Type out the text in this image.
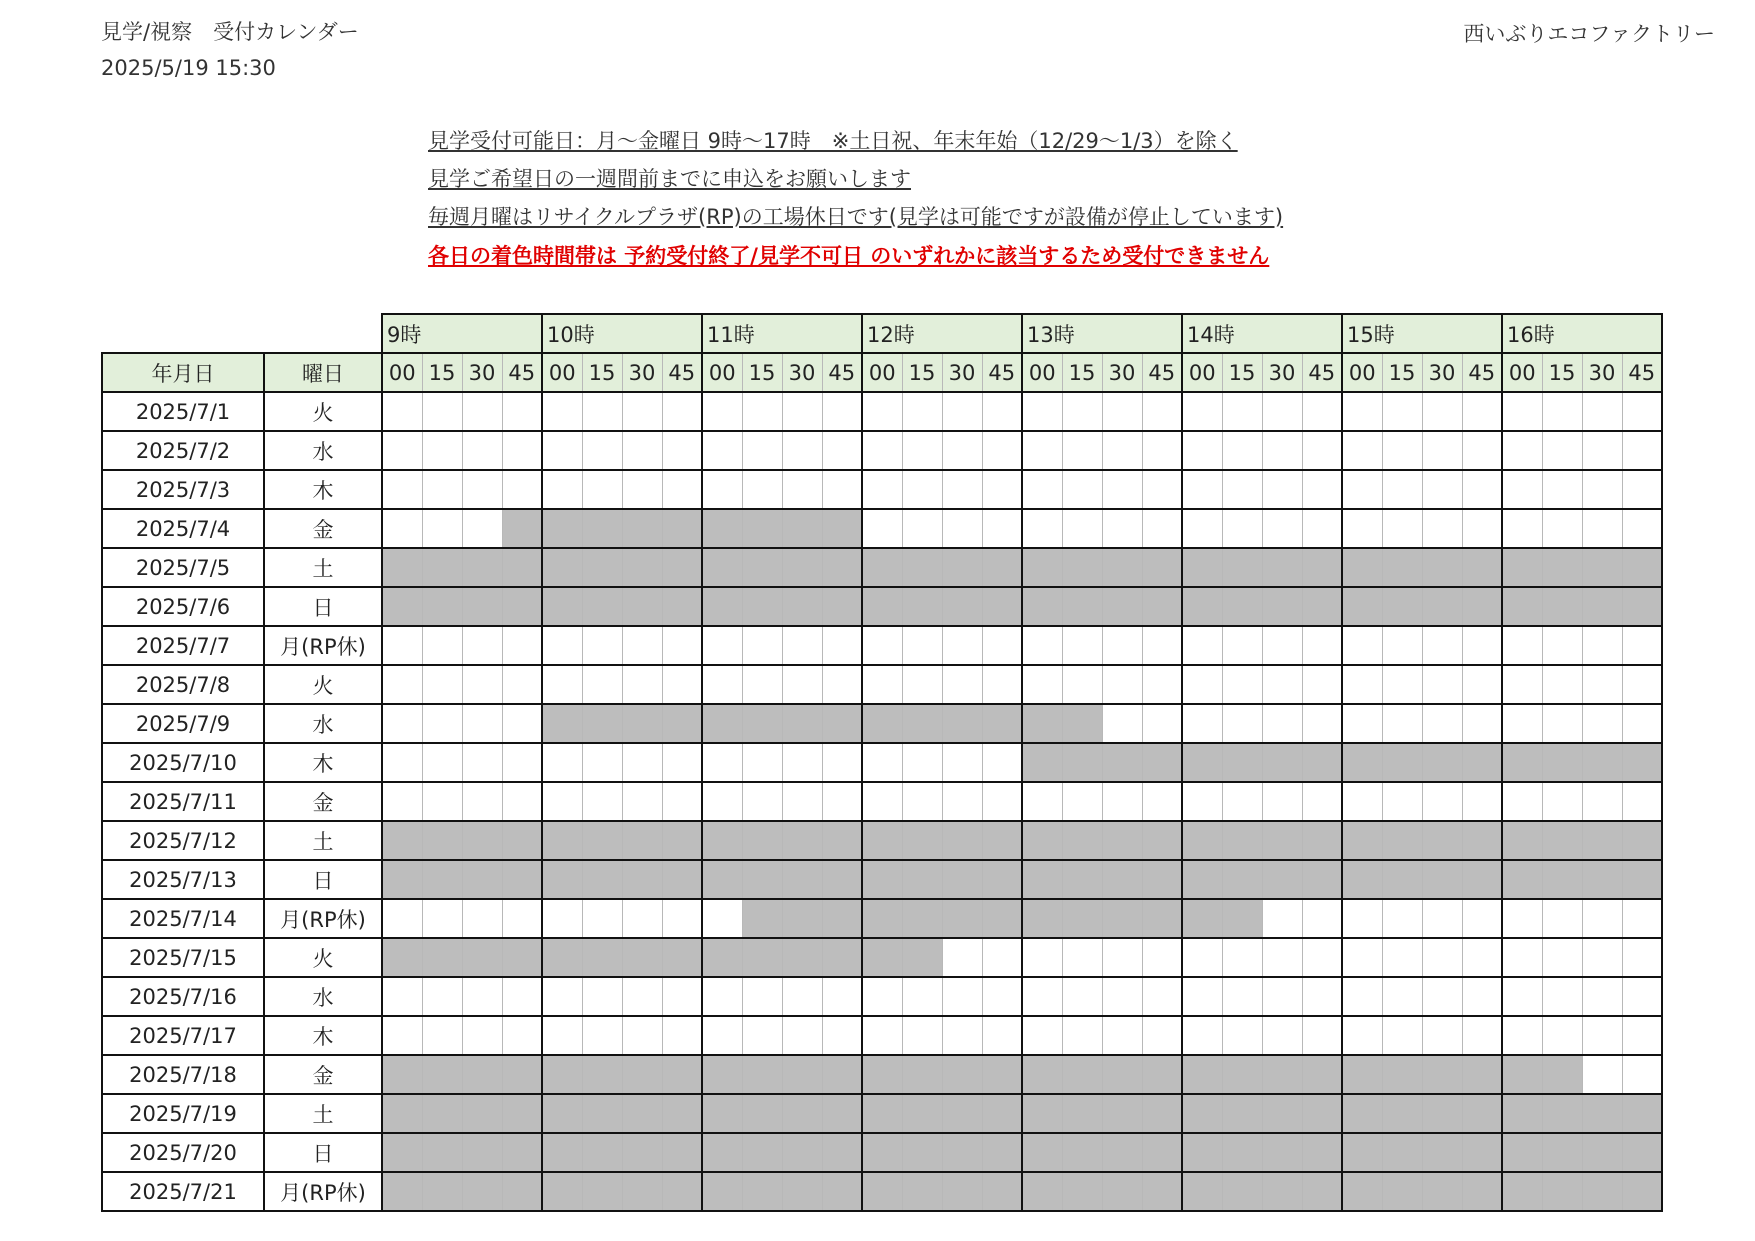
見学/視察　受付カレンダー
2025/5/19 15:30
西いぶりエコファクトリー
見学受付可能日：月～金曜日 9時～17時　※土日祝、年末年始（12/29～1/3）を除く
見学ご希望日の一週間前までに申込をお願いします
毎週月曜はリサイクルプラザ(RP)の工場休日です(見学は可能ですが設備が停止しています)
各日の着色時間帯は 予約受付終了/見学不可日 のいずれかに該当するため受付できません
		9時				10時				11時				12時				13時				14時				15時				16時			
年月日	曜日	00	15	30	45	00	15	30	45	00	15	30	45	00	15	30	45	00	15	30	45	00	15	30	45	00	15	30	45	00	15	30	45
2025/7/1	火																																
2025/7/2	水																																
2025/7/3	木																																
2025/7/4	金																																
2025/7/5	土																																
2025/7/6	日																																
2025/7/7	月(RP休)																																
2025/7/8	火																																
2025/7/9	水																																
2025/7/10	木																																
2025/7/11	金																																
2025/7/12	土																																
2025/7/13	日																																
2025/7/14	月(RP休)																																
2025/7/15	火																																
2025/7/16	水																																
2025/7/17	木																																
2025/7/18	金																																
2025/7/19	土																																
2025/7/20	日																																
2025/7/21	月(RP休)																																
